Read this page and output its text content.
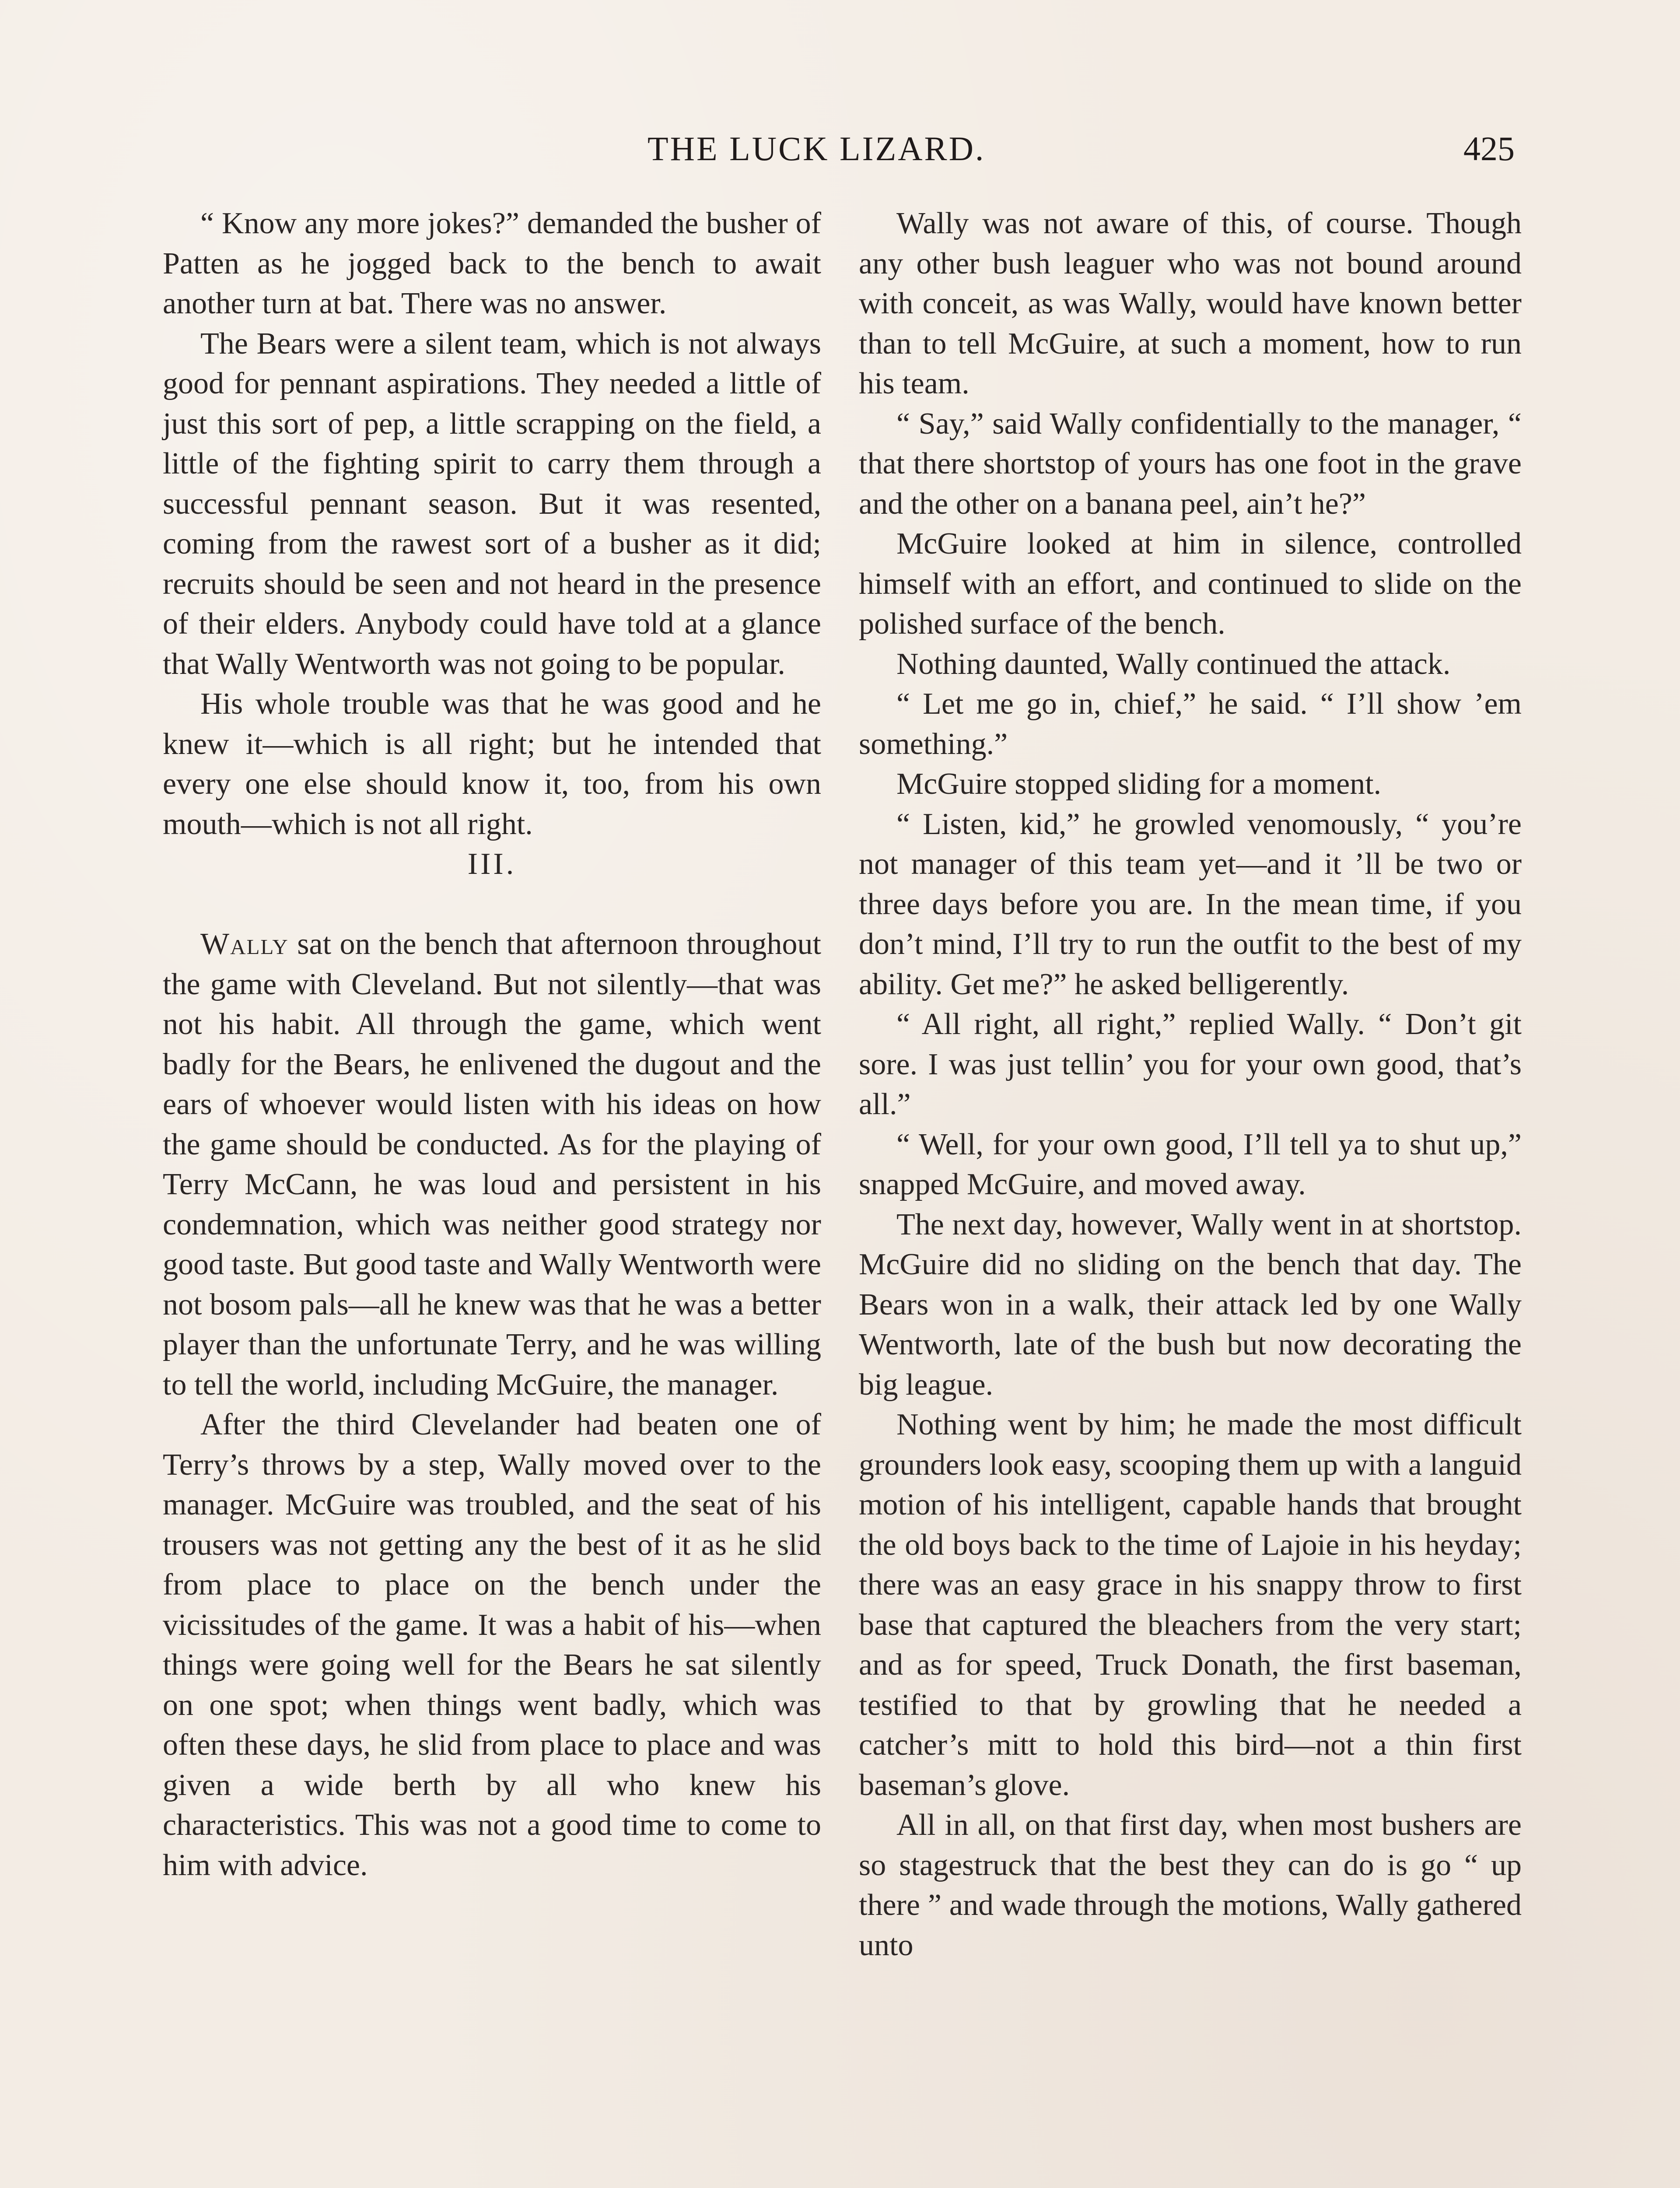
THE LUCK LIZARD.	425

“ Know any more jokes?” demanded the busher of Patten as he jogged back to the bench to await another turn at bat. There was no answer.

The Bears were a silent team, which is not always good for pennant aspirations. They needed a little of just this sort of pep, a little scrapping on the field, a little of the fighting spirit to carry them through a successful pennant season. But it was resented, coming from the rawest sort of a busher as it did; recruits should be seen and not heard in the presence of their elders. Anybody could have told at a glance that Wally Wentworth was not going to be popular.

His whole trouble was that he was good and he knew it—which is all right; but he intended that every one else should know it, too, from his own mouth—which is not all right.

III.

Wally sat on the bench that afternoon throughout the game with Cleveland. But not silently—that was not his habit. All through the game, which went badly for the Bears, he enlivened the dugout and the ears of whoever would listen with his ideas on how the game should be conducted. As for the playing of Terry McCann, he was loud and persistent in his condemnation, which was neither good strategy nor good taste. But good taste and Wally Wentworth were not bosom pals—all he knew was that he was a better player than the unfortunate Terry, and he was willing to tell the world, including McGuire, the manager.

After the third Clevelander had beaten one of Terry’s throws by a step, Wally moved over to the manager. McGuire was troubled, and the seat of his trousers was not getting any the best of it as he slid from place to place on the bench under the vicissitudes of the game. It was a habit of his—when things were going well for the Bears he sat silently on one spot; when things went badly, which was often these days, he slid from place to place and was given a wide berth by all who knew his characteristics. This was not a good time to come to him with advice.

Wally was not aware of this, of course. Though any other bush leaguer who was not bound around with conceit, as was Wally, would have known better than to tell McGuire, at such a moment, how to run his team.

“ Say,” said Wally confidentially to the manager, “ that there shortstop of yours has one foot in the grave and the other on a banana peel, ain’t he?”

McGuire looked at him in silence, controlled himself with an effort, and continued to slide on the polished surface of the bench.

Nothing daunted, Wally continued the attack.

“ Let me go in, chief,” he said. “ I’ll show ’em something.”

McGuire stopped sliding for a moment.

“ Listen, kid,” he growled venomously, “ you’re not manager of this team yet—and it ’ll be two or three days before you are. In the mean time, if you don’t mind, I’ll try to run the outfit to the best of my ability. Get me?” he asked belligerently.

“ All right, all right,” replied Wally. “ Don’t git sore. I was just tellin’ you for your own good, that’s all.”

“ Well, for your own good, I’ll tell ya to shut up,” snapped McGuire, and moved away.

The next day, however, Wally went in at shortstop. McGuire did no sliding on the bench that day. The Bears won in a walk, their attack led by one Wally Wentworth, late of the bush but now decorating the big league.

Nothing went by him; he made the most difficult grounders look easy, scooping them up with a languid motion of his intelligent, capable hands that brought the old boys back to the time of Lajoie in his heyday; there was an easy grace in his snappy throw to first base that captured the bleachers from the very start; and as for speed, Truck Donath, the first baseman, testified to that by growling that he needed a catcher’s mitt to hold this bird—not a thin first baseman’s glove.

All in all, on that first day, when most bushers are so stagestruck that the best they can do is go “ up there ” and wade through the motions, Wally gathered unto
